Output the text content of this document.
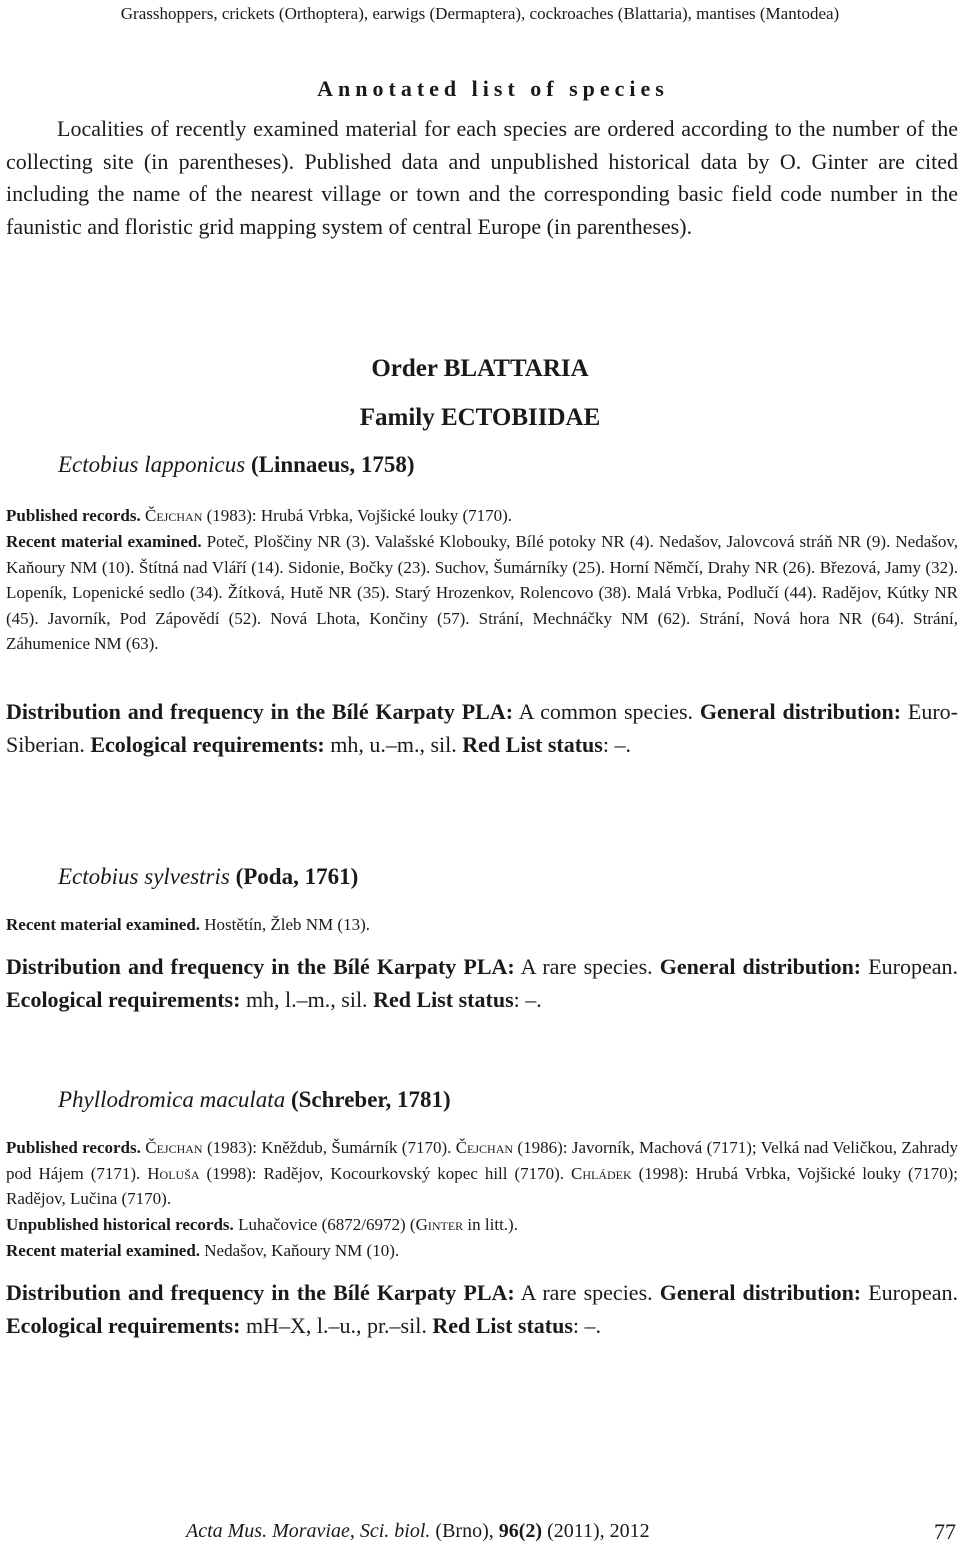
Grasshoppers, crickets (Orthoptera), earwigs (Dermaptera), cockroaches (Blattaria), mantises (Mantodea)
Annotated list of species
Localities of recently examined material for each species are ordered according to the number of the collecting site (in parentheses). Published data and unpublished historical data by O. Ginter are cited including the name of the nearest village or town and the corresponding basic field code number in the faunistic and floristic grid mapping system of central Europe (in parentheses).
Order BLATTARIA
Family ECTOBIIDAE
Ectobius lapponicus (Linnaeus, 1758)
Published records. Čejchan (1983): Hrubá Vrbka, Vojšické louky (7170).
Recent material examined. Poteč, Ploščiny NR (3). Valašské Klobouky, Bílé potoky NR (4). Nedašov, Jalovcová stráň NR (9). Nedašov, Kaňoury NM (10). Štítná nad Vláří (14). Sidonie, Bočky (23). Suchov, Šumárníky (25). Horní Němčí, Drahy NR (26). Březová, Jamy (32). Lopeník, Lopenické sedlo (34). Žítková, Hutě NR (35). Starý Hrozenkov, Rolencovo (38). Malá Vrbka, Podlučí (44). Radějov, Kútky NR (45). Javorník, Pod Zápovědí (52). Nová Lhota, Končiny (57). Strání, Mechnáčky NM (62). Strání, Nová hora NR (64). Strání, Záhumenice NM (63).
Distribution and frequency in the Bílé Karpaty PLA: A common species. General distribution: Euro-Siberian. Ecological requirements: mh, u.–m., sil. Red List status: –.
Ectobius sylvestris (Poda, 1761)
Recent material examined. Hostětín, Žleb NM (13).
Distribution and frequency in the Bílé Karpaty PLA: A rare species. General distribution: European. Ecological requirements: mh, l.–m., sil. Red List status: –.
Phyllodromica maculata (Schreber, 1781)
Published records. Čejchan (1983): Kněždub, Šumárník (7170). Čejchan (1986): Javorník, Machová (7171); Velká nad Veličkou, Zahrady pod Hájem (7171). Holuša (1998): Radějov, Kocourkovský kopec hill (7170). Chládek (1998): Hrubá Vrbka, Vojšické louky (7170); Radějov, Lučina (7170).
Unpublished historical records. Luhačovice (6872/6972) (Ginter in litt.).
Recent material examined. Nedašov, Kaňoury NM (10).
Distribution and frequency in the Bílé Karpaty PLA: A rare species. General distribution: European. Ecological requirements: mH–X, l.–u., pr.–sil. Red List status: –.
Acta Mus. Moraviae, Sci. biol. (Brno), 96(2) (2011), 2012	77
